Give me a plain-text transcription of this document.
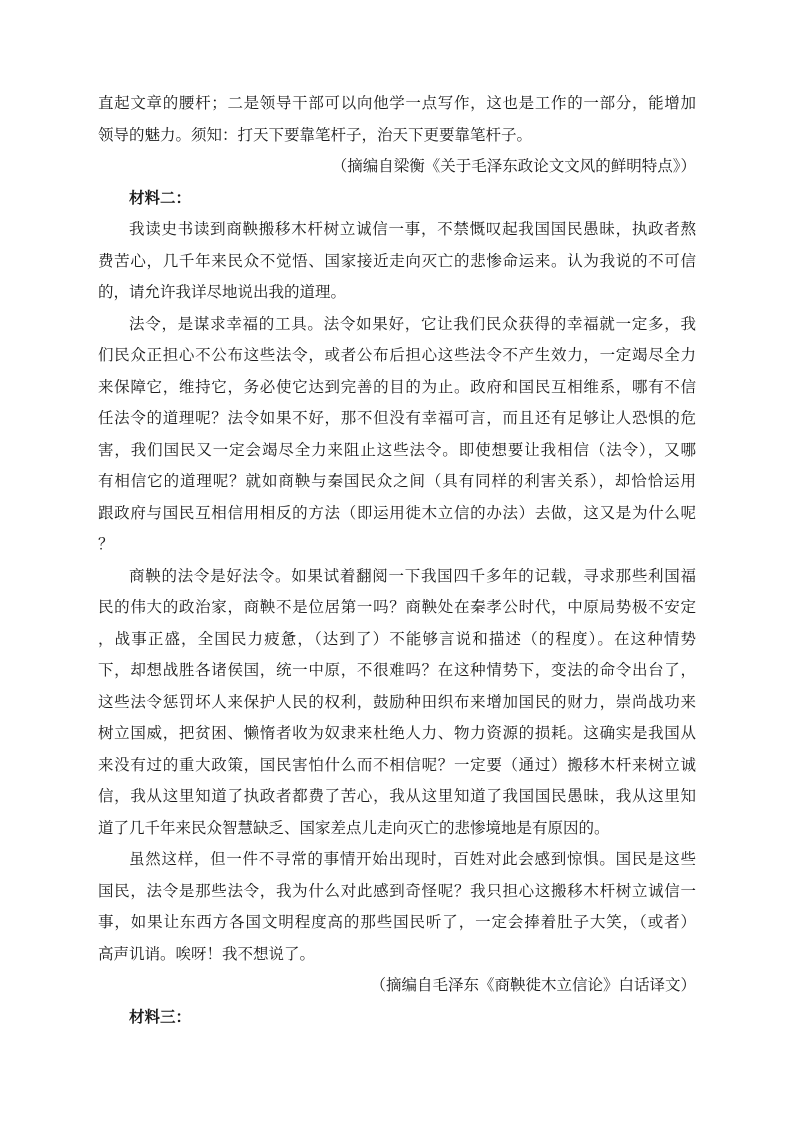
直起文章的腰杆；二是领导干部可以向他学一点写作，这也是工作的一部分，能增加
领导的魅力。须知：打天下要靠笔杆子，治天下更要靠笔杆子。
（摘编自梁衡《关于毛泽东政论文文风的鲜明特点》）
材料二：
我读史书读到商鞅搬移木杆树立诚信一事，不禁慨叹起我国国民愚昧，执政者熬
费苦心，几千年来民众不觉悟、国家接近走向灭亡的悲惨命运来。认为我说的不可信
的，请允许我详尽地说出我的道理。
法令，是谋求幸福的工具。法令如果好，它让我们民众获得的幸福就一定多，我
们民众正担心不公布这些法令，或者公布后担心这些法令不产生效力，一定竭尽全力
来保障它，维持它，务必使它达到完善的目的为止。政府和国民互相维系，哪有不信
任法令的道理呢？法令如果不好，那不但没有幸福可言，而且还有足够让人恐惧的危
害，我们国民又一定会竭尽全力来阻止这些法令。即使想要让我相信（法令），又哪
有相信它的道理呢？就如商鞅与秦国民众之间（具有同样的利害关系），却恰恰运用
跟政府与国民互相信用相反的方法（即运用徙木立信的办法）去做，这又是为什么呢
？
商鞅的法令是好法令。如果试着翻阅一下我国四千多年的记载，寻求那些利国福
民的伟大的政治家，商鞅不是位居第一吗？商鞅处在秦孝公时代，中原局势极不安定
，战事正盛，全国民力疲惫，（达到了）不能够言说和描述（的程度）。在这种情势
下，却想战胜各诸侯国，统一中原，不很难吗？在这种情势下，变法的命令出台了，
这些法令惩罚坏人来保护人民的权利，鼓励种田织布来增加国民的财力，崇尚战功来
树立国威，把贫困、懒惰者收为奴隶来杜绝人力、物力资源的损耗。这确实是我国从
来没有过的重大政策，国民害怕什么而不相信呢？一定要（通过）搬移木杆来树立诚
信，我从这里知道了执政者都费了苦心，我从这里知道了我国国民愚昧，我从这里知
道了几千年来民众智慧缺乏、国家差点儿走向灭亡的悲惨境地是有原因的。
虽然这样，但一件不寻常的事情开始出现时，百姓对此会感到惊惧。国民是这些
国民，法令是那些法令，我为什么对此感到奇怪呢？我只担心这搬移木杆树立诚信一
事，如果让东西方各国文明程度高的那些国民听了，一定会捧着肚子大笑，（或者）
高声讥诮。唉呀！我不想说了。
（摘编自毛泽东《商鞅徙木立信论》白话译文）
材料三：
